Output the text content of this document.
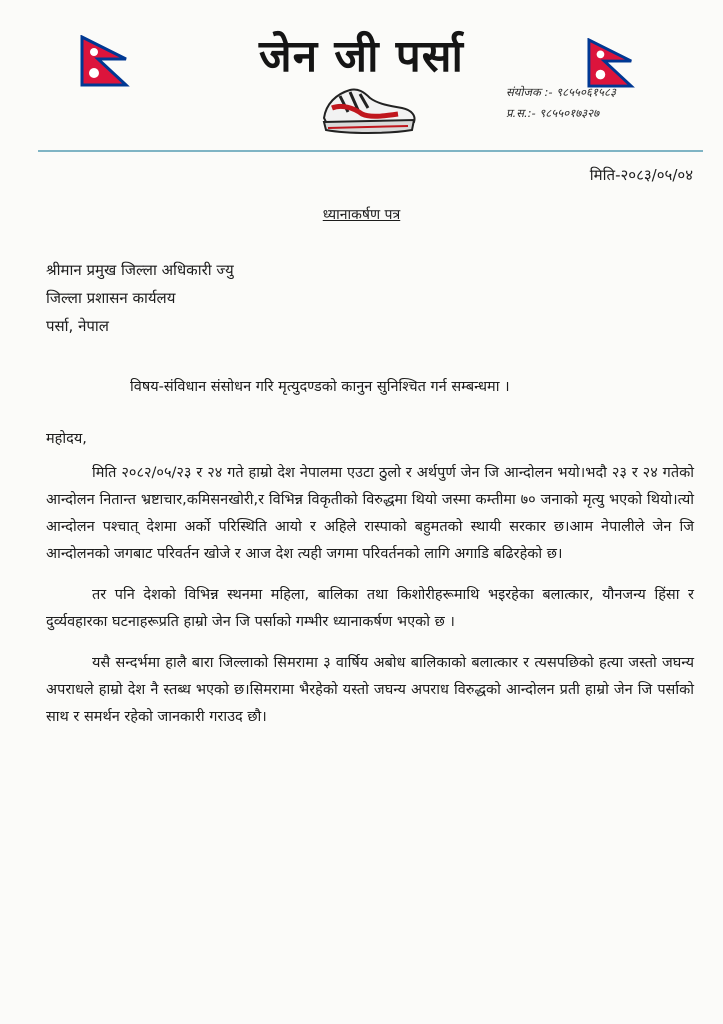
जेन जी पर्सा
संयोजक :- ९८५५०६१५८३
प्र.स.:- ९८५५०१७३२७
मिति-२०८३/०५/०४
ध्यानाकर्षण पत्र
श्रीमान प्रमुख जिल्ला अधिकारी ज्यु
जिल्ला प्रशासन कार्यलय
पर्सा, नेपाल
विषय-संविधान संसोधन गरि मृत्युदण्डको कानुन सुनिश्चित गर्न सम्बन्धमा ।
महोदय,

मिति २०८२/०५/२३ र २४ गते हाम्रो देश नेपालमा एउटा ठुलो र अर्थपुर्ण जेन जि आन्दोलन भयो।भदौ २३ र २४ गतेको आन्दोलन नितान्त भ्रष्टाचार,कमिसनखोरी,र विभिन्न विकृतीको विरुद्धमा थियो जस्मा कम्तीमा ७० जनाको मृत्यु भएको थियो।त्यो आन्दोलन पश्चात् देशमा अर्को परिस्थिति आयो र अहिले रास्पाको बहुमतको स्थायी सरकार छ।आम नेपालीले जेन जि आन्दोलनको जगबाट परिवर्तन खोजे र आज देश त्यही जगमा परिवर्तनको लागि अगाडि बढिरहेको छ।

तर पनि देशको विभिन्न स्थनमा महिला, बालिका तथा किशोरीहरूमाथि भइरहेका बलात्कार, यौनजन्य हिंसा र दुर्व्यवहारका घटनाहरूप्रति हाम्रो जेन जि पर्साको गम्भीर ध्यानाकर्षण भएको छ ।

यसै सन्दर्भमा हालै बारा जिल्लाको सिमरामा ३ वार्षिय अबोध बालिकाको बलात्कार र त्यसपछिको हत्या जस्तो जघन्य अपराधले हाम्रो देश नै स्तब्ध भएको छ।सिमरामा भैरहेको यस्तो जघन्य अपराध विरुद्धको आन्दोलन प्रती हाम्रो जेन जि पर्साको साथ र समर्थन रहेको जानकारी गराउद छौ।
